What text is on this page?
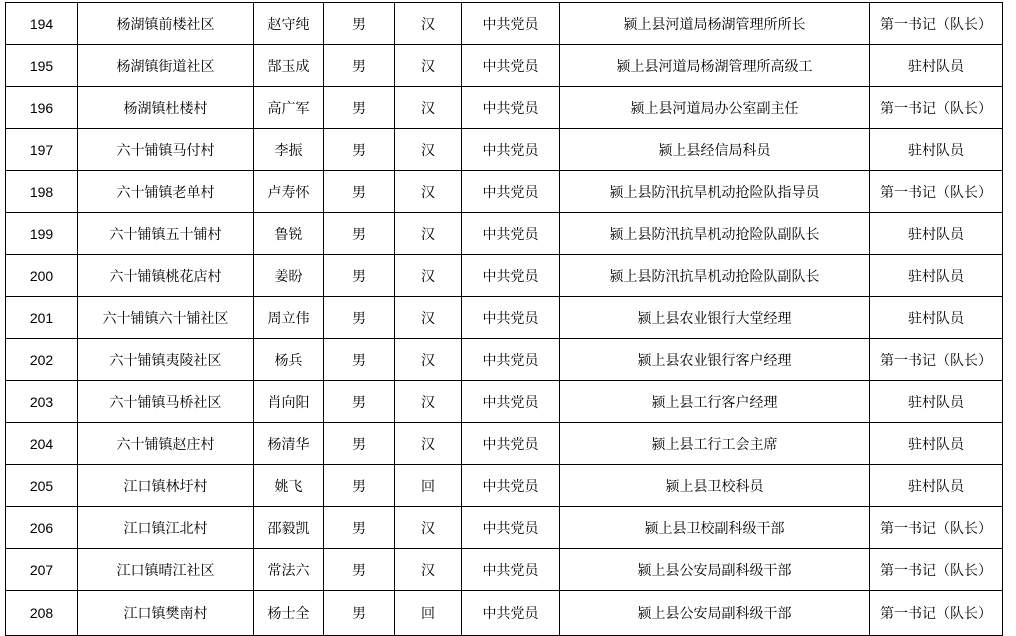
194	杨湖镇前楼社区	赵守纯	男	汉	中共党员	颍上县河道局杨湖管理所所长	第一书记（队长）
195	杨湖镇街道社区	郜玉成	男	汉	中共党员	颍上县河道局杨湖管理所高级工	驻村队员
196	杨湖镇杜楼村	高广军	男	汉	中共党员	颍上县河道局办公室副主任	第一书记（队长）
197	六十铺镇马付村	李振	男	汉	中共党员	颍上县经信局科员	驻村队员
198	六十铺镇老单村	卢寿怀	男	汉	中共党员	颍上县防汛抗旱机动抢险队指导员	第一书记（队长）
199	六十铺镇五十铺村	鲁锐	男	汉	中共党员	颍上县防汛抗旱机动抢险队副队长	驻村队员
200	六十铺镇桃花店村	姜盼	男	汉	中共党员	颍上县防汛抗旱机动抢险队副队长	驻村队员
201	六十铺镇六十铺社区	周立伟	男	汉	中共党员	颍上县农业银行大堂经理	驻村队员
202	六十铺镇夷陵社区	杨兵	男	汉	中共党员	颍上县农业银行客户经理	第一书记（队长）
203	六十铺镇马桥社区	肖向阳	男	汉	中共党员	颍上县工行客户经理	驻村队员
204	六十铺镇赵庄村	杨清华	男	汉	中共党员	颍上县工行工会主席	驻村队员
205	江口镇林圩村	姚飞	男	回	中共党员	颍上县卫校科员	驻村队员
206	江口镇江北村	邵毅凯	男	汉	中共党员	颍上县卫校副科级干部	第一书记（队长）
207	江口镇晴江社区	常法六	男	汉	中共党员	颍上县公安局副科级干部	第一书记（队长）
208	江口镇樊南村	杨士全	男	回	中共党员	颍上县公安局副科级干部	第一书记（队长）
